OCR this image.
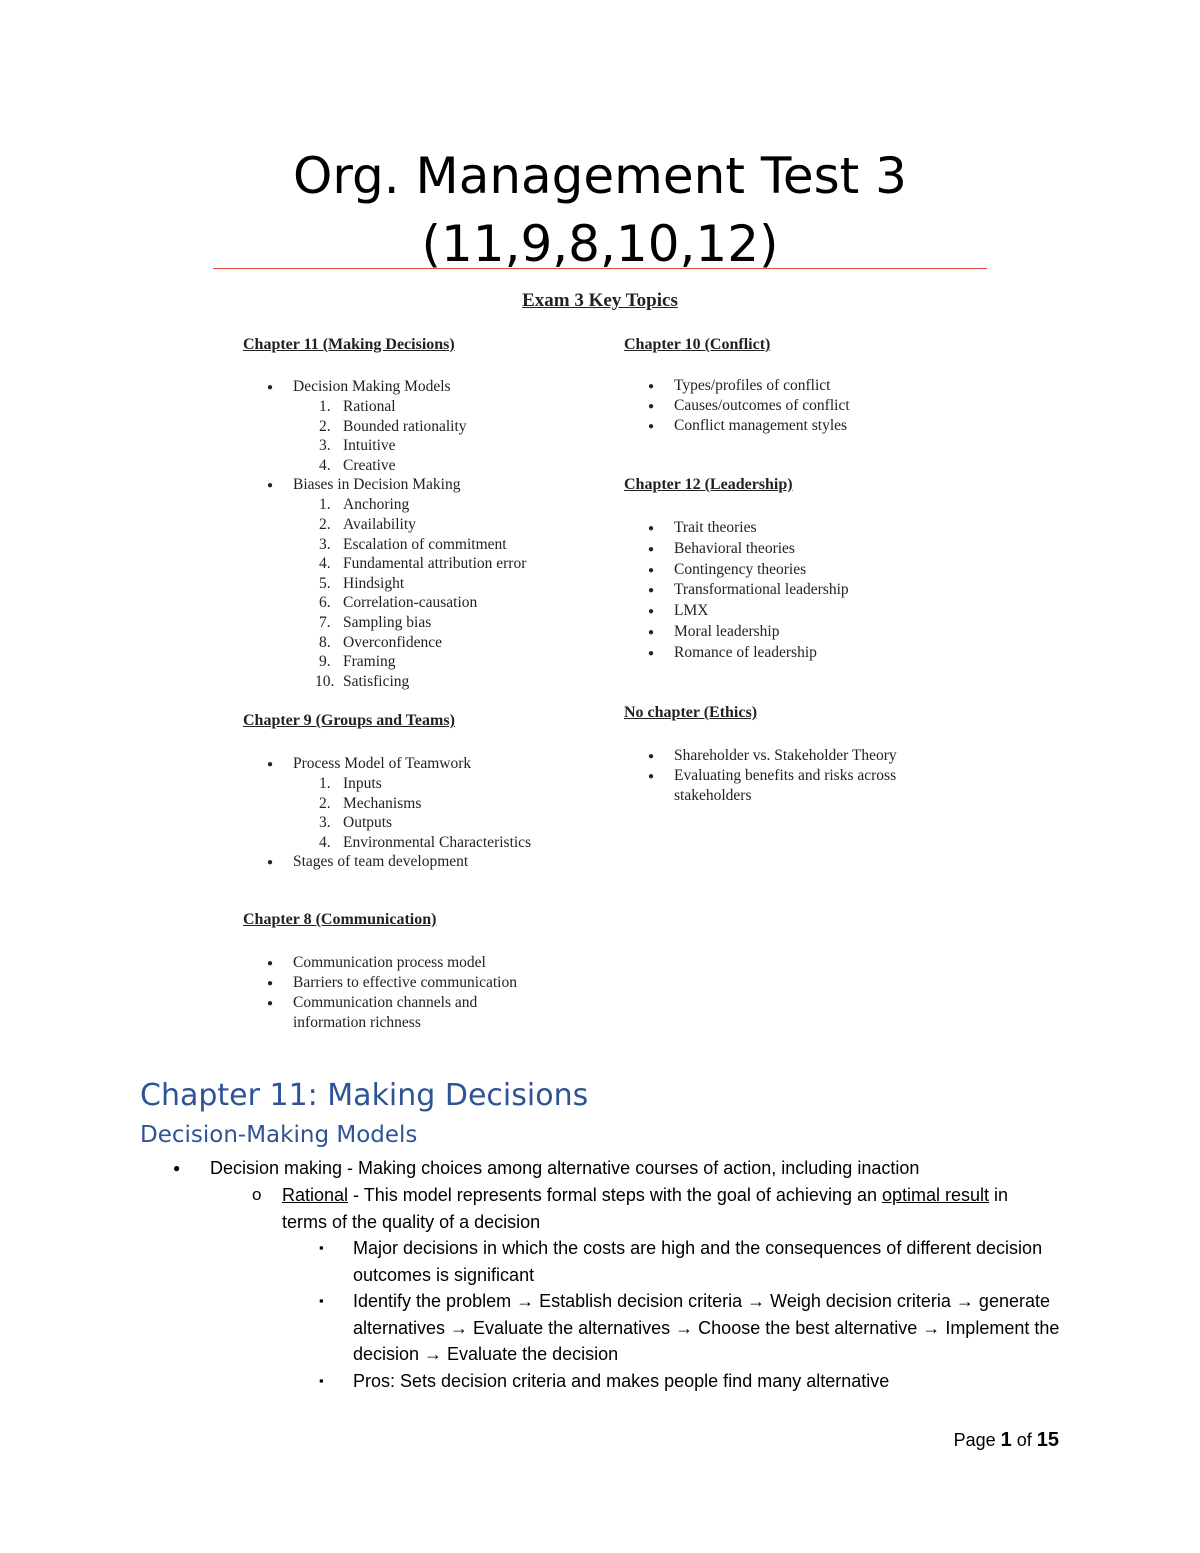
Org. Management Test 3
(11,9,8,10,12)
Exam 3 Key Topics
Chapter 11 (Making Decisions)
● Decision Making Models
1. Rational
2. Bounded rationality
3. Intuitive
4. Creative
● Biases in Decision Making
1. Anchoring
2. Availability
3. Escalation of commitment
4. Fundamental attribution error
5. Hindsight
6. Correlation-causation
7. Sampling bias
8. Overconfidence
9. Framing
10. Satisficing
Chapter 9 (Groups and Teams)
● Process Model of Teamwork
1. Inputs
2. Mechanisms
3. Outputs
4. Environmental Characteristics
● Stages of team development
Chapter 8 (Communication)
● Communication process model
● Barriers to effective communication
● Communication channels and information richness
Chapter 10 (Conflict)
● Types/profiles of conflict
● Causes/outcomes of conflict
● Conflict management styles
Chapter 12 (Leadership)
● Trait theories
● Behavioral theories
● Contingency theories
● Transformational leadership
● LMX
● Moral leadership
● Romance of leadership
No chapter (Ethics)
● Shareholder vs. Stakeholder Theory
● Evaluating benefits and risks across stakeholders
Chapter 11: Making Decisions
Decision-Making Models
● Decision making - Making choices among alternative courses of action, including inaction
o Rational - This model represents formal steps with the goal of achieving an optimal result in terms of the quality of a decision
▪ Major decisions in which the costs are high and the consequences of different decision outcomes is significant
▪ Identify the problem → Establish decision criteria → Weigh decision criteria → generate alternatives → Evaluate the alternatives → Choose the best alternative → Implement the decision → Evaluate the decision
▪ Pros: Sets decision criteria and makes people find many alternative
Page 1 of 15
